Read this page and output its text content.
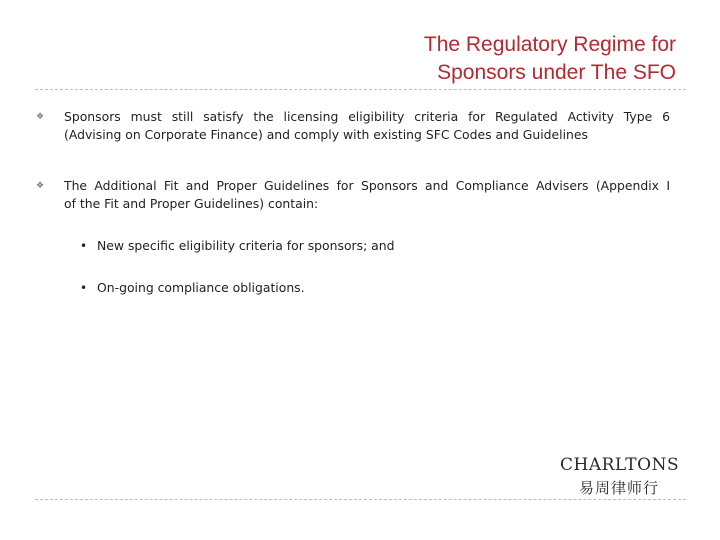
The Regulatory Regime for
Sponsors under The SFO
❖ Sponsors must still satisfy the licensing eligibility criteria for Regulated Activity Type 6
(Advising on Corporate Finance) and comply with existing SFC Codes and Guidelines
❖ The Additional Fit and Proper Guidelines for Sponsors and Compliance Advisers (Appendix I
of the Fit and Proper Guidelines) contain:
• New specific eligibility criteria for sponsors; and
• On-going compliance obligations.
CHARLTONS
易周律师行
